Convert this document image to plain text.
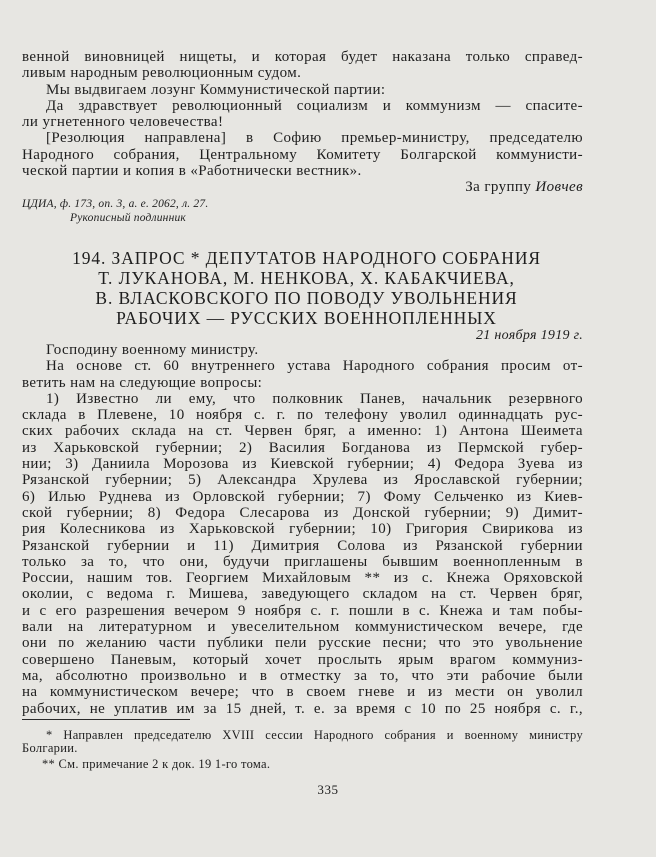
венной виновницей нищеты, и которая будет наказана только справед-
ливым народным революционным судом.
Мы выдвигаем лозунг Коммунистической партии:
Да здравствует революционный социализм и коммунизм — спасите-
ли угнетенного человечества!
[Резолюция направлена] в Софию премьер-министру, председателю
Народного собрания, Центральному Комитету Болгарской коммунисти-
ческой партии и копия в «Работнически вестник».
За группу Иовчев
ЦДИА, ф. 173, оп. 3, а. е. 2062, л. 27.
Рукописный подлинник
194. ЗАПРОС * ДЕПУТАТОВ НАРОДНОГО СОБРАНИЯ
Т. ЛУКАНОВА, М. НЕНКОВА, Х. КАБАКЧИЕВА,
В. ВЛАСКОВСКОГО ПО ПОВОДУ УВОЛЬНЕНИЯ
РАБОЧИХ — РУССКИХ ВОЕННОПЛЕННЫХ
21 ноября 1919 г.
Господину военному министру.
На основе ст. 60 внутреннего устава Народного собрания просим от-
ветить нам на следующие вопросы:
1) Известно ли ему, что полковник Панев, начальник резервного
склада в Плевене, 10 ноября с. г. по телефону уволил одиннадцать рус-
ских рабочих склада на ст. Червен бряг, а именно: 1) Антона Шеимета
из Харьковской губернии; 2) Василия Богданова из Пермской губер-
нии; 3) Даниила Морозова из Киевской губернии; 4) Федора Зуева из
Рязанской губернии; 5) Александра Хрулева из Ярославской губернии;
6) Илью Руднева из Орловской губернии; 7) Фому Сельченко из Киев-
ской губернии; 8) Федора Слесарова из Донской губернии; 9) Димит-
рия Колесникова из Харьковской губернии; 10) Григория Свирикова из
Рязанской губернии и 11) Димитрия Солова из Рязанской губернии
только за то, что они, будучи приглашены бывшим военнопленным в
России, нашим тов. Георгием Михайловым ** из с. Кнежа Оряховской
околии, с ведома г. Мишева, заведующего складом на ст. Червен бряг,
и с его разрешения вечером 9 ноября с. г. пошли в с. Кнежа и там побы-
вали на литературном и увеселительном коммунистическом вечере, где
они по желанию части публики пели русские песни; что это увольнение
совершено Паневым, который хочет прослыть ярым врагом коммуниз-
ма, абсолютно произвольно и в отместку за то, что эти рабочие были
на коммунистическом вечере; что в своем гневе и из мести он уволил
рабочих, не уплатив им за 15 дней, т. е. за время с 10 по 25 ноября с. г.,
* Направлен председателю XVIII сессии Народного собрания и военному министру
Болгарии.
** См. примечание 2 к док. 19 1-го тома.
335
